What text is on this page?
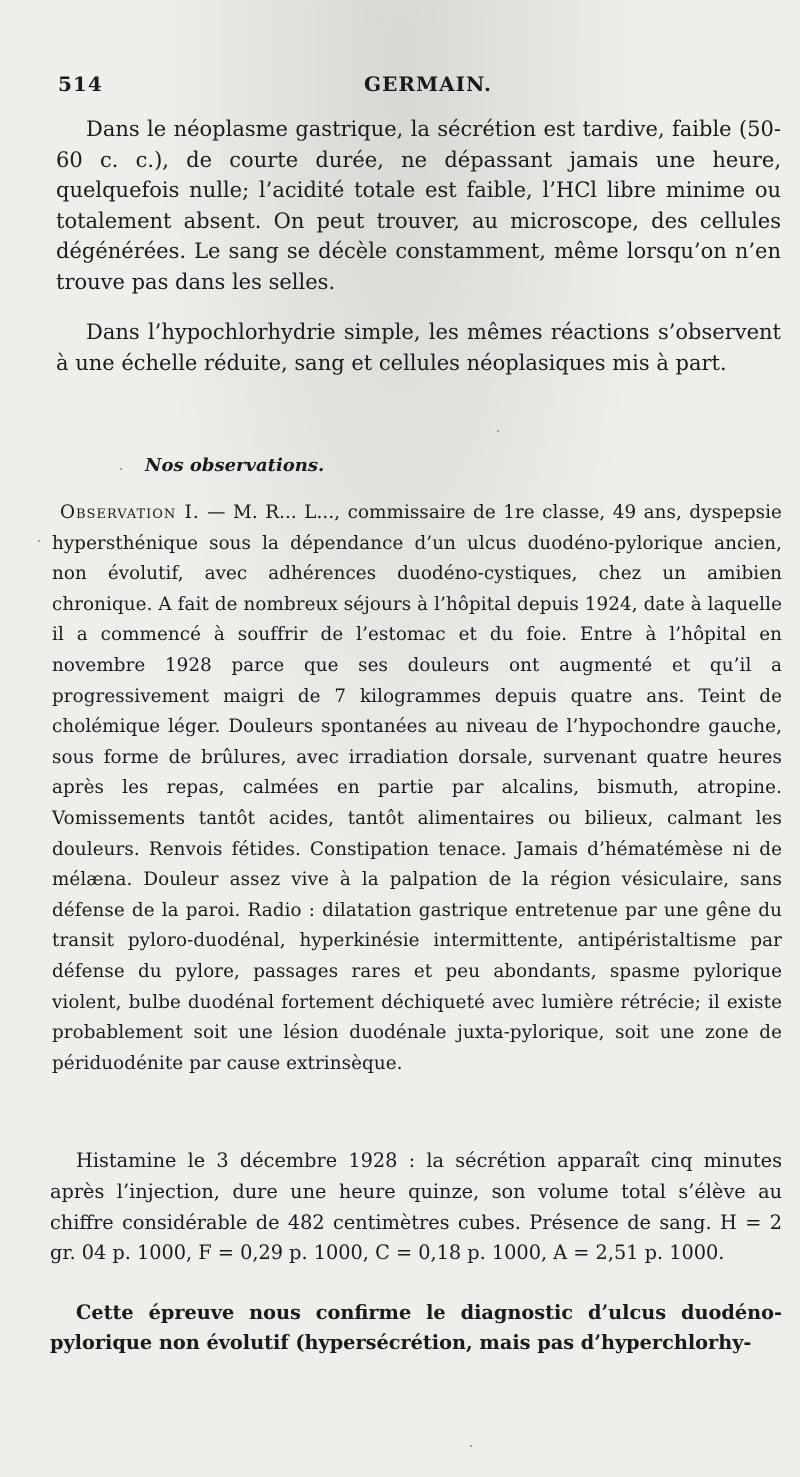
514	GERMAIN.

Dans le néoplasme gastrique, la sécrétion est tardive, faible (50-60 c. c.), de courte durée, ne dépassant jamais une heure, quelquefois nulle; l’acidité totale est faible, l’HCl libre minime ou totalement absent. On peut trouver, au microscope, des cellules dégénérées. Le sang se décèle constamment, même lorsqu’on n’en trouve pas dans les selles.

Dans l’hypochlorhydrie simple, les mêmes réactions s’observent à une échelle réduite, sang et cellules néoplasiques mis à part.

Nos observations.

Observation I. — M. R... L..., commissaire de 1re classe, 49 ans, dyspepsie hypersthénique sous la dépendance d’un ulcus duodéno-pylorique ancien, non évolutif, avec adhérences duodéno-cystiques, chez un amibien chronique. A fait de nombreux séjours à l’hôpital depuis 1924, date à laquelle il a commencé à souffrir de l’estomac et du foie. Entre à l’hôpital en novembre 1928 parce que ses douleurs ont augmenté et qu’il a progressivement maigri de 7 kilogrammes depuis quatre ans. Teint de cholémique léger. Douleurs spontanées au niveau de l’hypochondre gauche, sous forme de brûlures, avec irradiation dorsale, survenant quatre heures après les repas, calmées en partie par alcalins, bismuth, atropine. Vomissements tantôt acides, tantôt alimentaires ou bilieux, calmant les douleurs. Renvois fétides. Constipation tenace. Jamais d’hématémèse ni de mélæna. Douleur assez vive à la palpation de la région vésiculaire, sans défense de la paroi. Radio : dilatation gastrique entretenue par une gêne du transit pyloro-duodénal, hyperkinésie intermittente, antipéristaltisme par défense du pylore, passages rares et peu abondants, spasme pylorique violent, bulbe duodénal fortement déchiqueté avec lumière rétrécie; il existe probablement soit une lésion duodénale juxta-pylorique, soit une zone de périduodénite par cause extrinsèque.

Histamine le 3 décembre 1928 : la sécrétion apparaît cinq minutes après l’injection, dure une heure quinze, son volume total s’élève au chiffre considérable de 482 centimètres cubes. Présence de sang. H = 2 gr. 04 p. 1000, F = 0,29 p. 1000, C = 0,18 p. 1000, A = 2,51 p. 1000.

Cette épreuve nous confirme le diagnostic d’ulcus duodéno-pylorique non évolutif (hypersécrétion, mais pas d’hyperchlorhy-
